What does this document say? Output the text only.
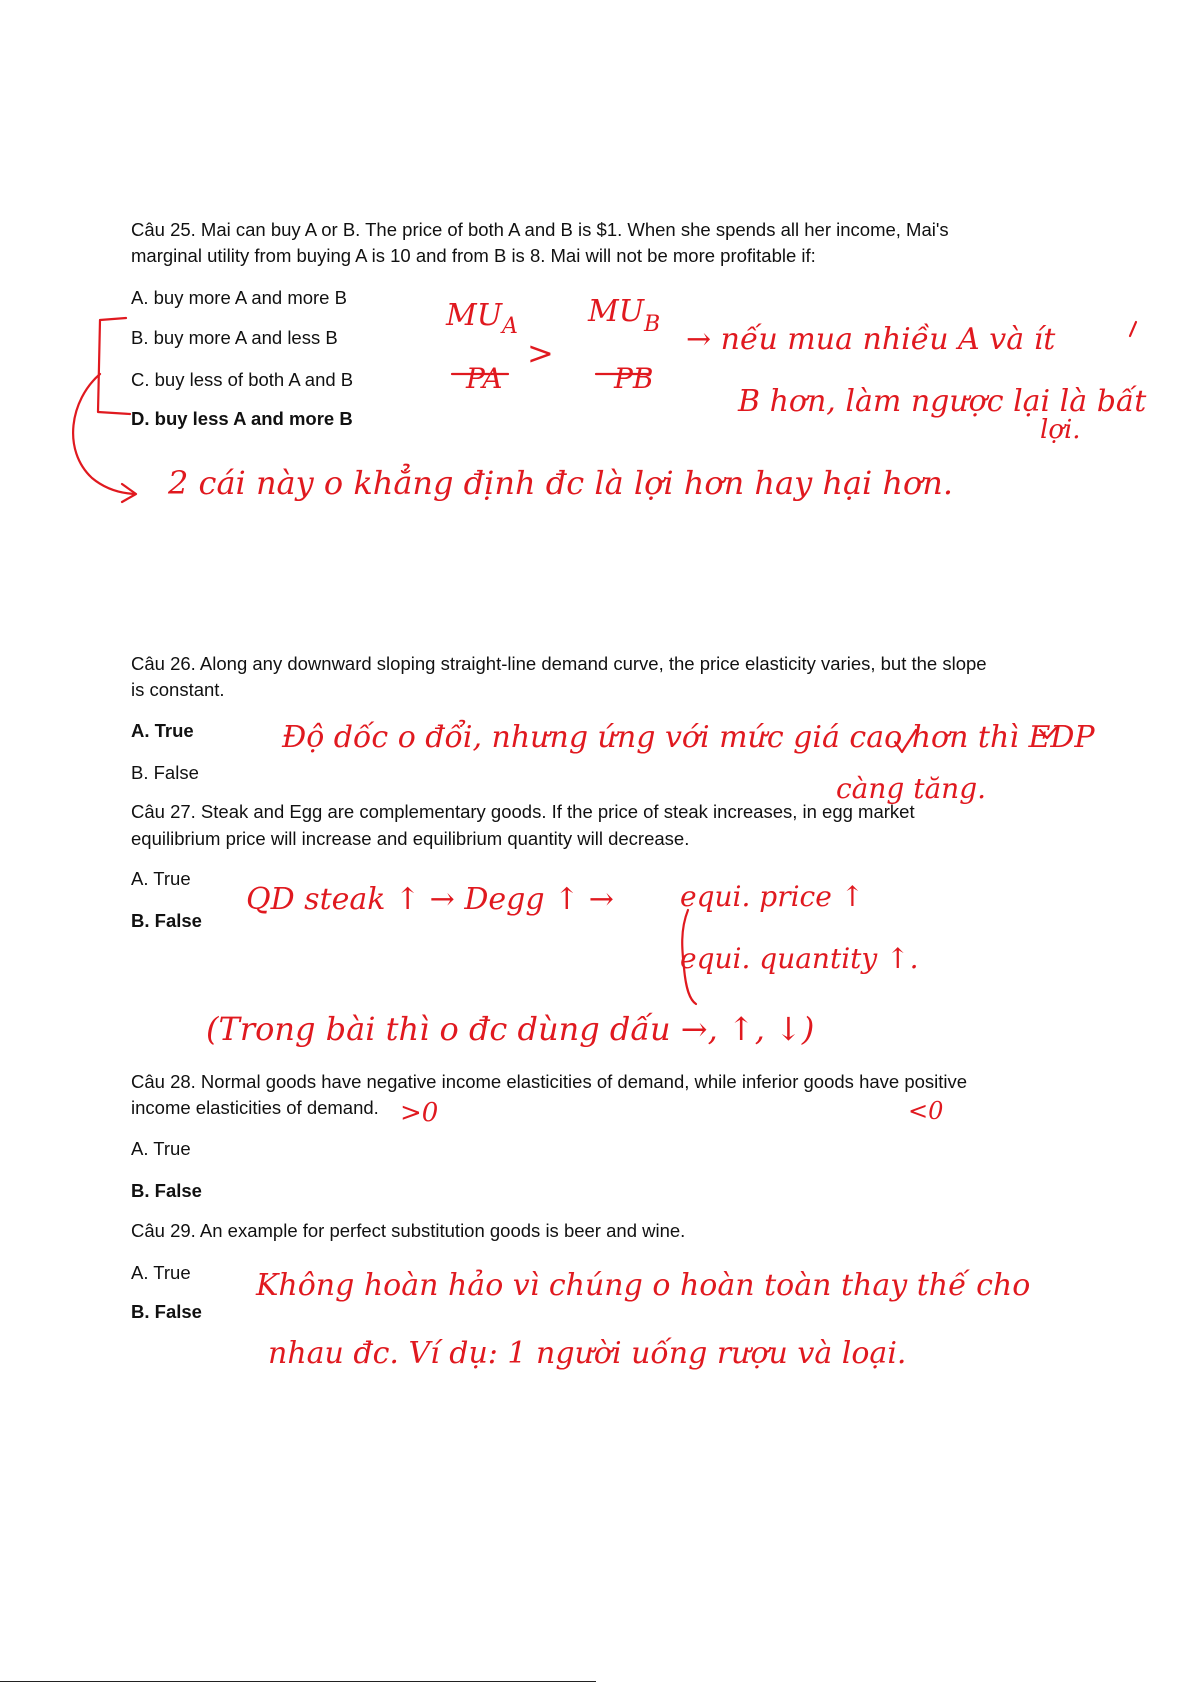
Câu 25. Mai can buy A or B. The price of both A and B is $1. When she spends all her income, Mai's
marginal utility from buying A is 10 and from B is 8. Mai will not be more profitable if:
A. buy more A and more B
B. buy more A and less B
C. buy less of both A and B
D. buy less A and more B
$MU_A$ $MU_B$
PA	PB
>	→ nếu mua nhiều A và ít
B hơn, làm ngược lại là bất
lợi.
2 cái này o khẳng định đc là lợi hơn hay hại hơn.
Câu 26. Along any downward sloping straight-line demand curve, the price elasticity varies, but the slope
is constant.
A. True
B. False
Độ dốc o đổi, nhưng ứng với mức giá cao hơn thì EDP
càng tăng.
Câu 27. Steak and Egg are complementary goods. If the price of steak increases, in egg market
equilibrium price will increase and equilibrium quantity will decrease.
A. True
B. False
QD steak ↑ → Degg ↑ → equi. price ↑
equi. quantity ↑.
(Trong bài thì o đc dùng dấu →, ↑, ↓)
Câu 28. Normal goods have negative income elasticities of demand, while inferior goods have positive
income elasticities of demand.
A. True
B. False
>0	<0
Câu 29. An example for perfect substitution goods is beer and wine.
A. True
B. False
Không hoàn hảo vì chúng o hoàn toàn thay thế cho
nhau đc. Ví dụ: 1 người uống rượu và loại.
